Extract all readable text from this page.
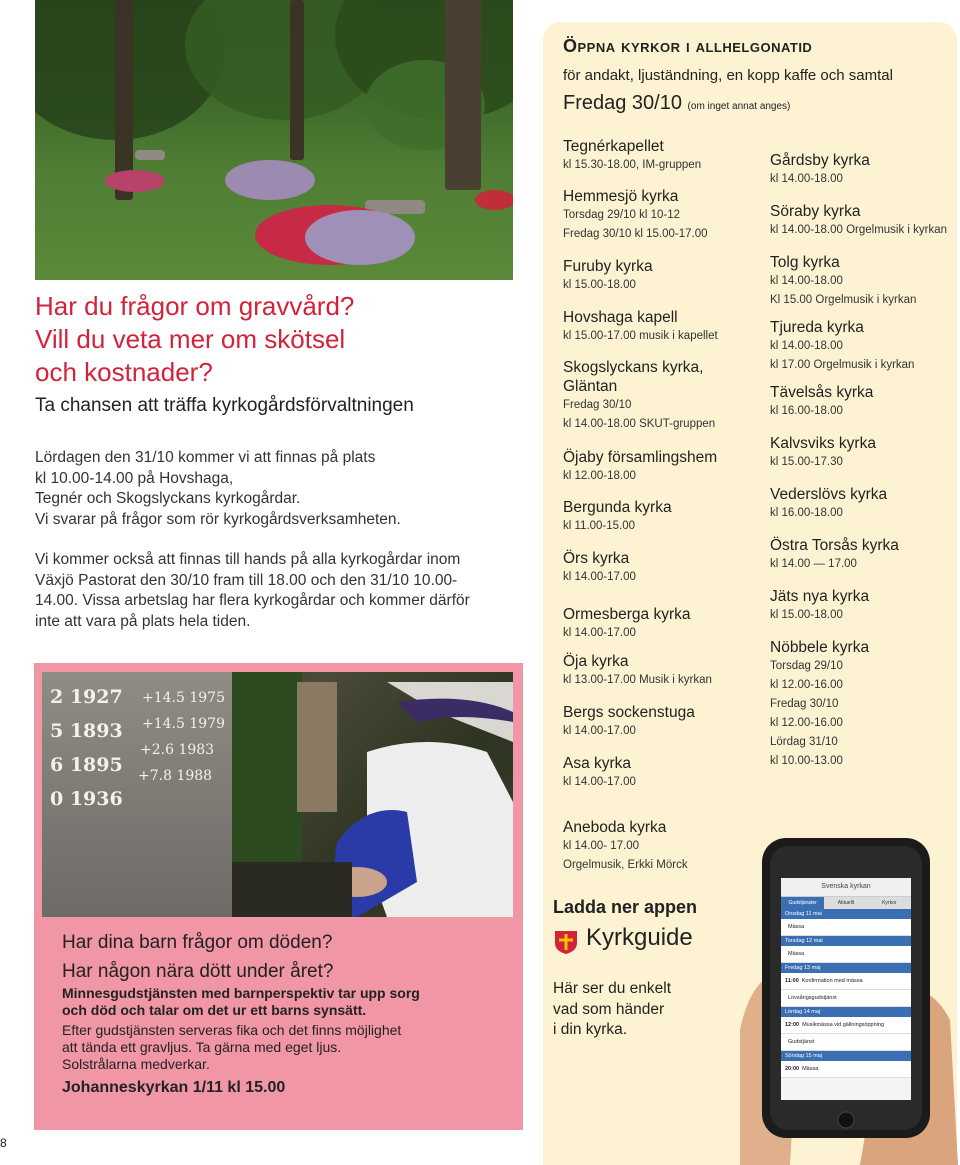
Har du frågor om gravvård?
Vill du veta mer om skötsel
och kostnader?
Ta chansen att träffa kyrkogårdsförvaltningen
Lördagen den 31/10 kommer vi att finnas på plats
kl 10.00-14.00 på Hovshaga,
Tegnér och Skogslyckans kyrkogårdar.
Vi svarar på frågor som rör kyrkogårdsverksamheten.
Vi kommer också att finnas till hands på alla kyrkogårdar inom
Växjö Pastorat den 30/10 fram till 18.00 och den 31/10 10.00-
14.00. Vissa arbetslag har flera kyrkogårdar och kommer därför
inte att vara på plats hela tiden.
2 1927
5 1893
6 1895
0 1936
+14.5 1975
+14.5 1979
+2.6 1983
+7.8 1988
Har dina barn frågor om döden?
Har någon nära dött under året?
Minnesgudstjänsten med barnperspektiv tar upp sorg
och död och talar om det ur ett barns synsätt.
Efter gudstjänsten serveras fika och det finns möjlighet
att tända ett gravljus. Ta gärna med eget ljus.
Solstrålarna medverkar.
Johanneskyrkan 1/11 kl 15.00
Öppna kyrkor i allhelgonatid
för andakt, ljuständning, en kopp kaffe och samtal
Fredag 30/10 (om inget annat anges)
Tegnérkapellet
kl 15.30-18.00, IM-gruppen
Hemmesjö kyrka
Torsdag 29/10 kl 10-12
Fredag 30/10 kl 15.00-17.00
Furuby kyrka
kl 15.00-18.00
Hovshaga kapell
kl 15.00-17.00 musik i kapellet
Skogslyckans kyrka,
Gläntan
Fredag 30/10
kl 14.00-18.00 SKUT-gruppen
Öjaby församlingshem
kl 12.00-18.00
Bergunda kyrka
kl 11.00-15.00
Örs kyrka
kl 14.00-17.00
Ormesberga kyrka
kl 14.00-17.00
Öja kyrka
kl 13.00-17.00 Musik i kyrkan
Bergs sockenstuga
kl 14.00-17.00
Asa kyrka
kl 14.00-17.00
Aneboda kyrka
kl 14.00- 17.00
Orgelmusik, Erkki Mörck
Gårdsby kyrka
kl 14.00-18.00
Söraby kyrka
kl 14.00-18.00 Orgelmusik i kyrkan
Tolg kyrka
kl 14.00-18.00
Kl 15.00 Orgelmusik i kyrkan
Tjureda kyrka
kl 14.00-18.00
kl 17.00 Orgelmusik i kyrkan
Tävelsås kyrka
kl 16.00-18.00
Kalvsviks kyrka
kl 15.00-17.30
Vederslövs kyrka
kl 16.00-18.00
Östra Torsås kyrka
kl 14.00 — 17.00
Jäts nya kyrka
kl 15.00-18.00
Nöbbele kyrka
Torsdag 29/10
kl 12.00-16.00
Fredag 30/10
kl 12.00-16.00
Lördag 31/10
kl 10.00-13.00
Ladda ner appen
Kyrkguide
Här ser du enkelt
vad som händer
i din kyrka.
Svenska kyrkan
Gudstjänster	Aktuellt	Kyrkor
Onsdag 11 mai
Mässa
Torsdag 12 mai
Mässa
Fredag 13 maj
11:00 Konfirmation med mässa
Lovsångsgudstjänst
Lördag 14 maj
12:00 Musikmässa vid gällningsöppning
Gudstjänst
Söndag 15 maj
20:00 Mässa
8
